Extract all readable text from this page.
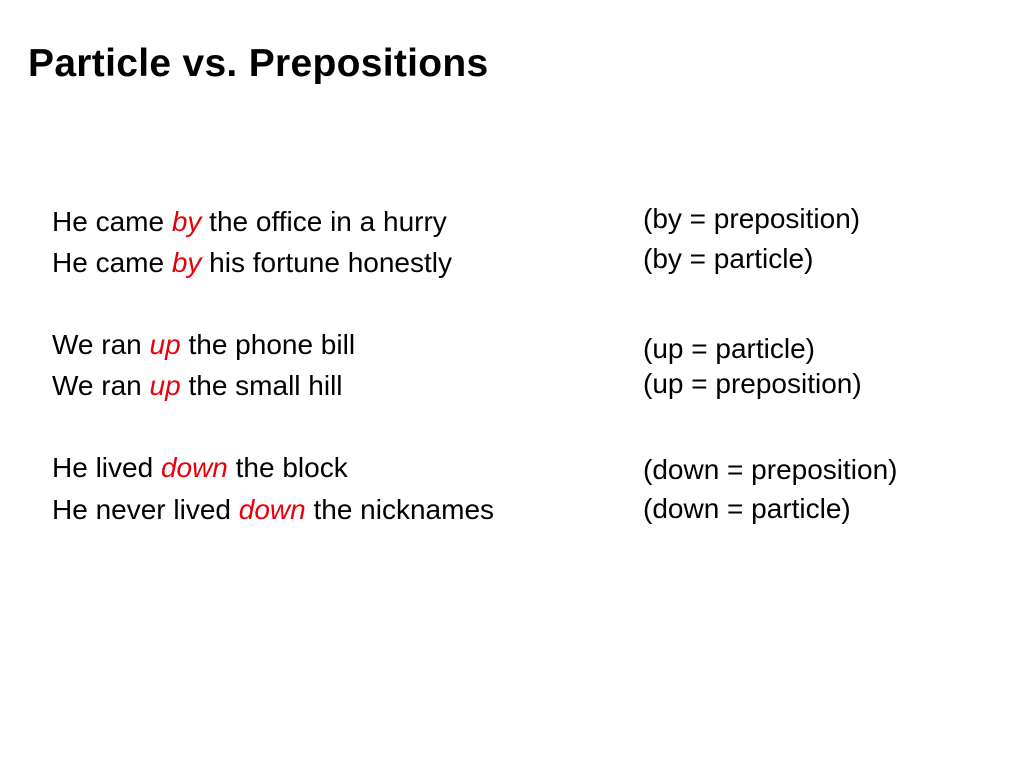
Particle vs. Prepositions
He came by the office in a hurry	(by = preposition)
He came by his fortune honestly	(by = particle)
We ran up the phone bill	(up = particle)
We ran up the small hill	(up = preposition)
He lived down the block	(down = preposition)
He never lived down the nicknames	(down = particle)
